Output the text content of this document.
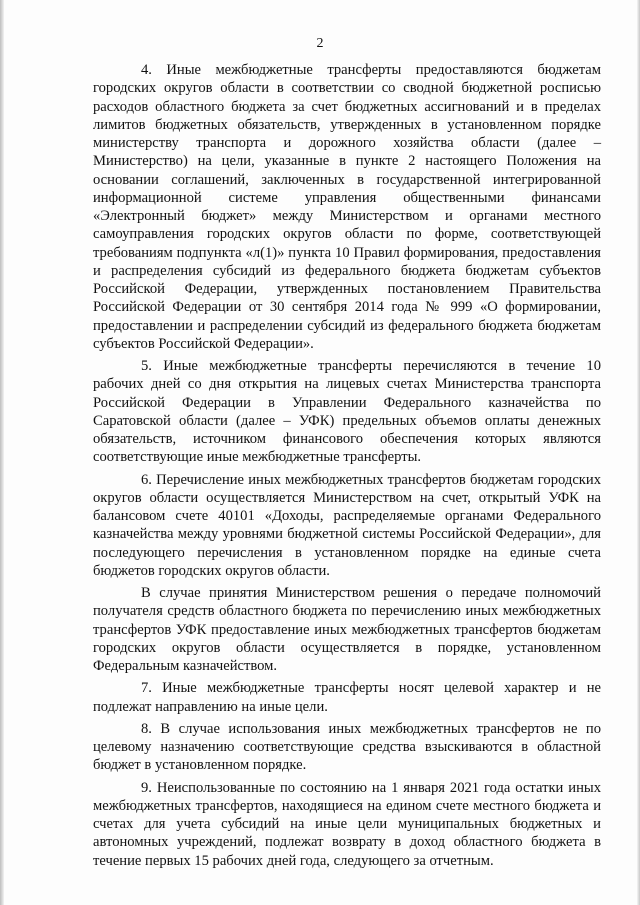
2

4. Иные межбюджетные трансферты предоставляются бюджетам городских округов области в соответствии со сводной бюджетной росписью расходов областного бюджета за счет бюджетных ассигнований и в пределах лимитов бюджетных обязательств, утвержденных в установленном порядке министерству транспорта и дорожного хозяйства области (далее – Министерство) на цели, указанные в пункте 2 настоящего Положения на основании соглашений, заключенных в государственной интегрированной информационной системе управления общественными финансами «Электронный бюджет» между Министерством и органами местного самоуправления городских округов области по форме, соответствующей требованиям подпункта «л(1)» пункта 10 Правил формирования, предоставления и распределения субсидий из федерального бюджета бюджетам субъектов Российской Федерации, утвержденных постановлением Правительства Российской Федерации от 30 сентября 2014 года № 999 «О формировании, предоставлении и распределении субсидий из федерального бюджета бюджетам субъектов Российской Федерации».

5. Иные межбюджетные трансферты перечисляются в течение 10 рабочих дней со дня открытия на лицевых счетах Министерства транспорта Российской Федерации в Управлении Федерального казначейства по Саратовской области (далее – УФК) предельных объемов оплаты денежных обязательств, источником финансового обеспечения которых являются соответствующие иные межбюджетные трансферты.

6. Перечисление иных межбюджетных трансфертов бюджетам городских округов области осуществляется Министерством на счет, открытый УФК на балансовом счете 40101 «Доходы, распределяемые органами Федерального казначейства между уровнями бюджетной системы Российской Федерации», для последующего перечисления в установленном порядке на единые счета бюджетов городских округов области.

В случае принятия Министерством решения о передаче полномочий получателя средств областного бюджета по перечислению иных межбюджетных трансфертов УФК предоставление иных межбюджетных трансфертов бюджетам городских округов области осуществляется в порядке, установленном Федеральным казначейством.

7. Иные межбюджетные трансферты носят целевой характер и не подлежат направлению на иные цели.

8. В случае использования иных межбюджетных трансфертов не по целевому назначению соответствующие средства взыскиваются в областной бюджет в установленном порядке.

9. Неиспользованные по состоянию на 1 января 2021 года остатки иных межбюджетных трансфертов, находящиеся на едином счете местного бюджета и счетах для учета субсидий на иные цели муниципальных бюджетных и автономных учреждений, подлежат возврату в доход областного бюджета в течение первых 15 рабочих дней года, следующего за отчетным.
